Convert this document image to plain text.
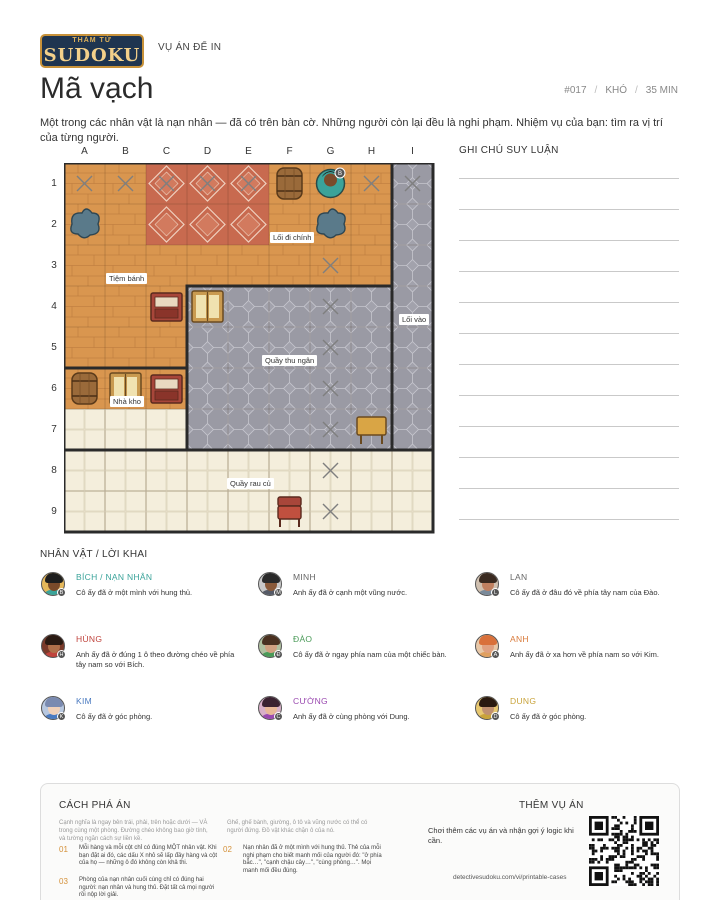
THÁM TỬ
SUDOKU VỤ ÁN ĐỂ IN
Mã vạch	#017 / KHÓ / 35 MIN
Một trong các nhân vật là nạn nhân — đã có trên bàn cờ. Những người còn lại đều là nghi phạm. Nhiệm vụ của bạn: tìm ra vị trí của từng người.
A	B	C	D	E	F	G	H	I
1
2
3
4
5
6
7
8
9
B
Lối đi chính
Tiệm bánh
Lối vào
Quầy thu ngân
Nhà kho
Quầy rau củ
GHI CHÚ SUY LUẬN
NHÂN VẬT / LỜI KHAI
B
BÍCH / NẠN NHÂN
Cô ấy đã ở một mình với hung thủ.	M
MINH
Anh ấy đã ở cạnh một vũng nước.	L
LAN
Cô ấy đã ở đâu đó về phía tây nam của Đào.
H
HÙNG
Anh ấy đã ở đúng 1 ô theo đường chéo về phía tây nam so với Bích.
Đ
ĐÀO
Cô ấy đã ở ngay phía nam của một chiếc bàn.	A
ANH
Anh ấy đã ở xa hơn về phía nam so với Kim.
K
KIM
Cô ấy đã ở góc phòng.	C
CƯỜNG
Anh ấy đã ở cùng phòng với Dung.	D
DUNG
Cô ấy đã ở góc phòng.
CÁCH PHÁ ÁN
Cạnh nghĩa là ngay bên trái, phải, trên hoặc dưới — VÀ trong cùng một phòng. Đường chéo không bao giờ tính, và tường ngăn cách sự liền kề.
Ghế, ghế bành, giường, ô tô và vũng nước có thể có người đứng. Đồ vật khác chặn ô của nó.
01 Mỗi hàng và mỗi cột chỉ có đúng MỘT nhân vật. Khi bạn đặt ai đó, các dấu X nhỏ sẽ lấp đầy hàng và cột của họ — những ô đó không còn khả thi.
02 Nạn nhân đã ở một mình với hung thủ. Thẻ của mỗi nghi phạm cho biết manh mối của người đó: "ở phía bắc…", "cạnh chậu cây…", "cùng phòng…". Mọi manh mối đều đúng.
03 Phòng của nạn nhân cuối cùng chỉ có đúng hai người: nạn nhân và hung thủ. Đặt tất cả mọi người rồi nộp lời giải.
THÊM VỤ ÁN
Chơi thêm các vụ án và nhận gợi ý logic khi cần.
detectivesudoku.com/vi/printable-cases
